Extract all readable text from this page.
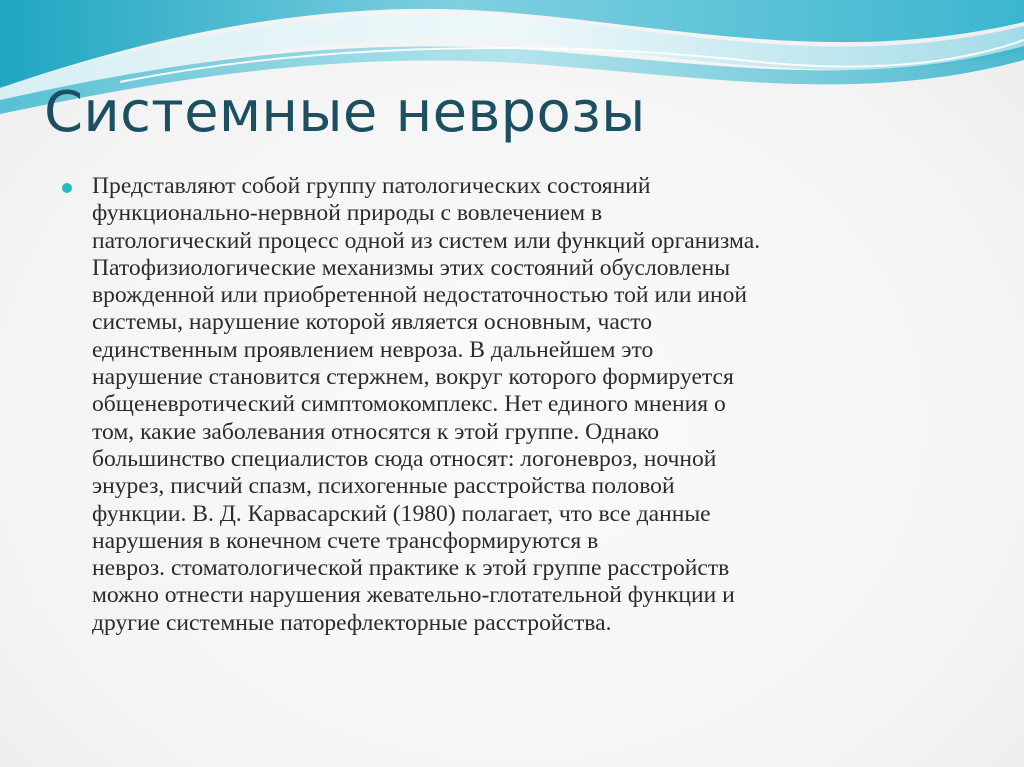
Системные неврозы

Представляют собой группу патологических состояний
функционально-нервной природы с вовлечением в
патологический процесс одной из систем или функций организма.
Патофизиологические механизмы этих состояний обусловлены
врожденной или приобретенной недостаточностью той или иной
системы, нарушение которой является основным, часто
единственным проявлением невроза. В дальнейшем это
нарушение становится стержнем, вокруг которого формируется
общеневротический симптомокомплекс. Нет единого мнения о
том, какие заболевания относятся к этой группе. Однако
большинство специалистов сюда относят: логоневроз, ночной
энурез, писчий спазм, психогенные расстройства половой
функции. В. Д. Карвасарский (1980) полагает, что все данные
нарушения в конечном счете трансформируются в
невроз. стоматологической практике к этой группе расстройств
можно отнести нарушения жевательно-глотательной функции и
другие системные паторефлекторные расстройства.
